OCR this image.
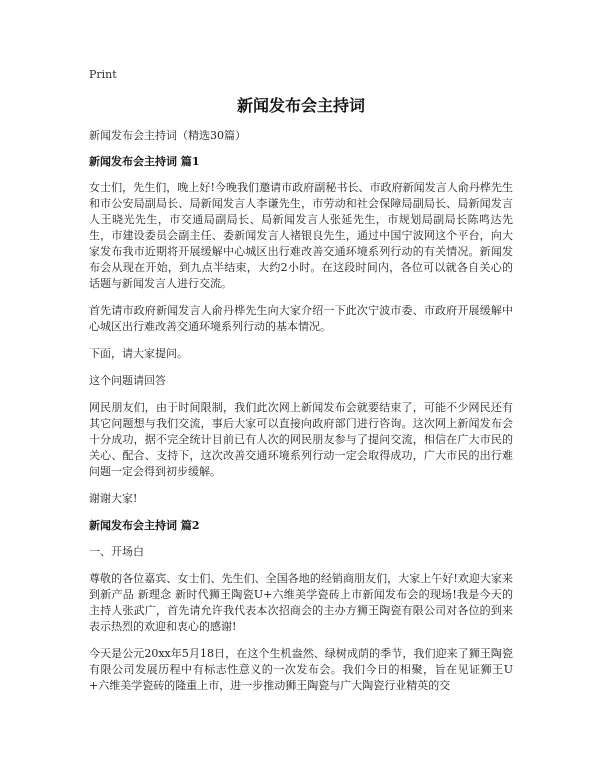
Print
新闻发布会主持词
新闻发布会主持词（精选30篇）
新闻发布会主持词 篇1
女士们，先生们，晚上好!今晚我们邀请市政府副秘书长、市政府新闻发言人俞丹桦先生和市公安局副局长、局新闻发言人李谦先生，市劳动和社会保障局副局长、局新闻发言人王晓光先生，市交通局副局长、局新闻发言人张延先生，市规划局副局长陈鸣达先生，市建设委员会副主任、委新闻发言人褚银良先生，通过中国宁波网这个平台，向大家发布我市近期将开展缓解中心城区出行难改善交通环境系列行动的有关情况。新闻发布会从现在开始，到九点半结束，大约2小时。在这段时间内，各位可以就各自关心的话题与新闻发言人进行交流。
首先请市政府新闻发言人俞丹桦先生向大家介绍一下此次宁波市委、市政府开展缓解中心城区出行难改善交通环境系列行动的基本情况。
下面，请大家提问。
这个问题请回答
网民朋友们，由于时间限制，我们此次网上新闻发布会就要结束了，可能不少网民还有其它问题想与我们交流，事后大家可以直接向政府部门进行咨询。这次网上新闻发布会十分成功，据不完全统计目前已有人次的网民朋友参与了提问交流，相信在广大市民的关心、配合、支持下，这次改善交通环境系列行动一定会取得成功，广大市民的出行难问题一定会得到初步缓解。
谢谢大家!
新闻发布会主持词 篇2
一、开场白
尊敬的各位嘉宾、女士们、先生们、全国各地的经销商朋友们，大家上午好!欢迎大家来到新产品 新理念 新时代狮王陶瓷U+六维美学瓷砖上市新闻发布会的现场!我是今天的主持人张武广，首先请允许我代表本次招商会的主办方狮王陶瓷有限公司对各位的到来表示热烈的欢迎和衷心的感谢!
今天是公元20xx年5月18日，在这个生机盎然、绿树成荫的季节，我们迎来了狮王陶瓷有限公司发展历程中有标志性意义的一次发布会。我们今日的相聚，旨在见证狮王U+六维美学瓷砖的隆重上市，进一步推动狮王陶瓷与广大陶瓷行业精英的交
